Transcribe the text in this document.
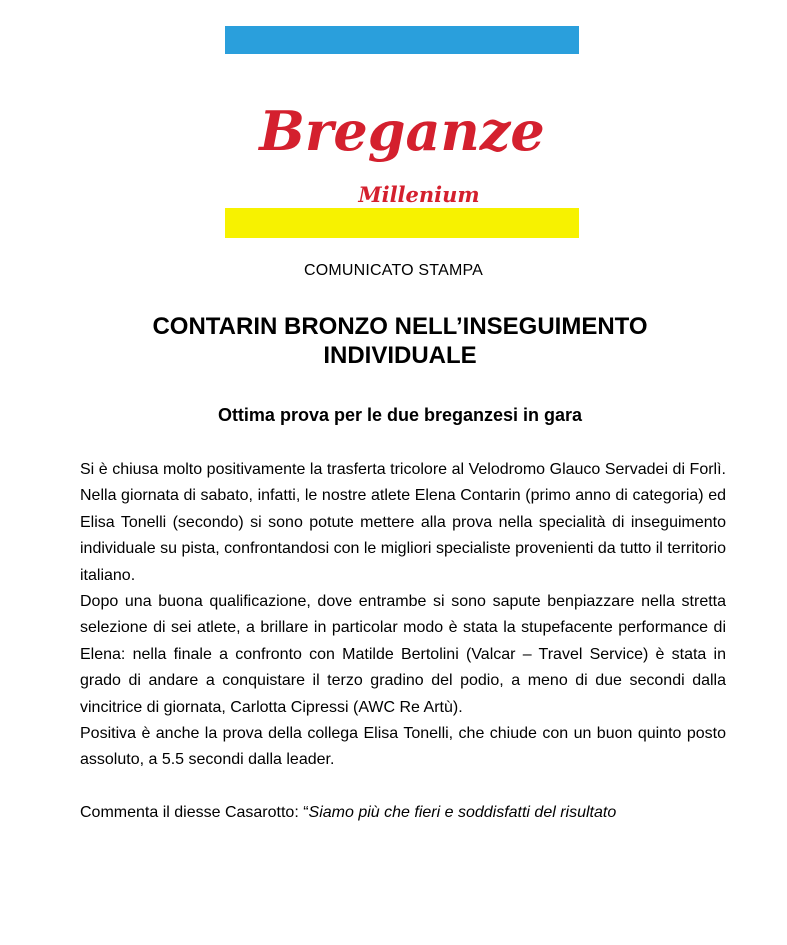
Breganze
Millenium
COMUNICATO STAMPA
CONTARIN BRONZO NELL’INSEGUIMENTO INDIVIDUALE
Ottima prova per le due breganzesi in gara

Si è chiusa molto positivamente la trasferta tricolore al Velodromo Glauco Servadei di Forlì. Nella giornata di sabato, infatti, le nostre atlete Elena Contarin (primo anno di categoria) ed Elisa Tonelli (secondo) si sono potute mettere alla prova nella specialità di inseguimento individuale su pista, confrontandosi con le migliori specialiste provenienti da tutto il territorio italiano.

Dopo una buona qualificazione, dove entrambe si sono sapute benpiazzare nella stretta selezione di sei atlete, a brillare in particolar modo è stata la stupefacente performance di Elena: nella finale a confronto con Matilde Bertolini (Valcar – Travel Service) è stata in grado di andare a conquistare il terzo gradino del podio, a meno di due secondi dalla vincitrice di giornata, Carlotta Cipressi (AWC Re Artù).

Positiva è anche la prova della collega Elisa Tonelli, che chiude con un buon quinto posto assoluto, a 5.5 secondi dalla leader.

Commenta il diesse Casarotto: “Siamo più che fieri e soddisfatti del risultato
